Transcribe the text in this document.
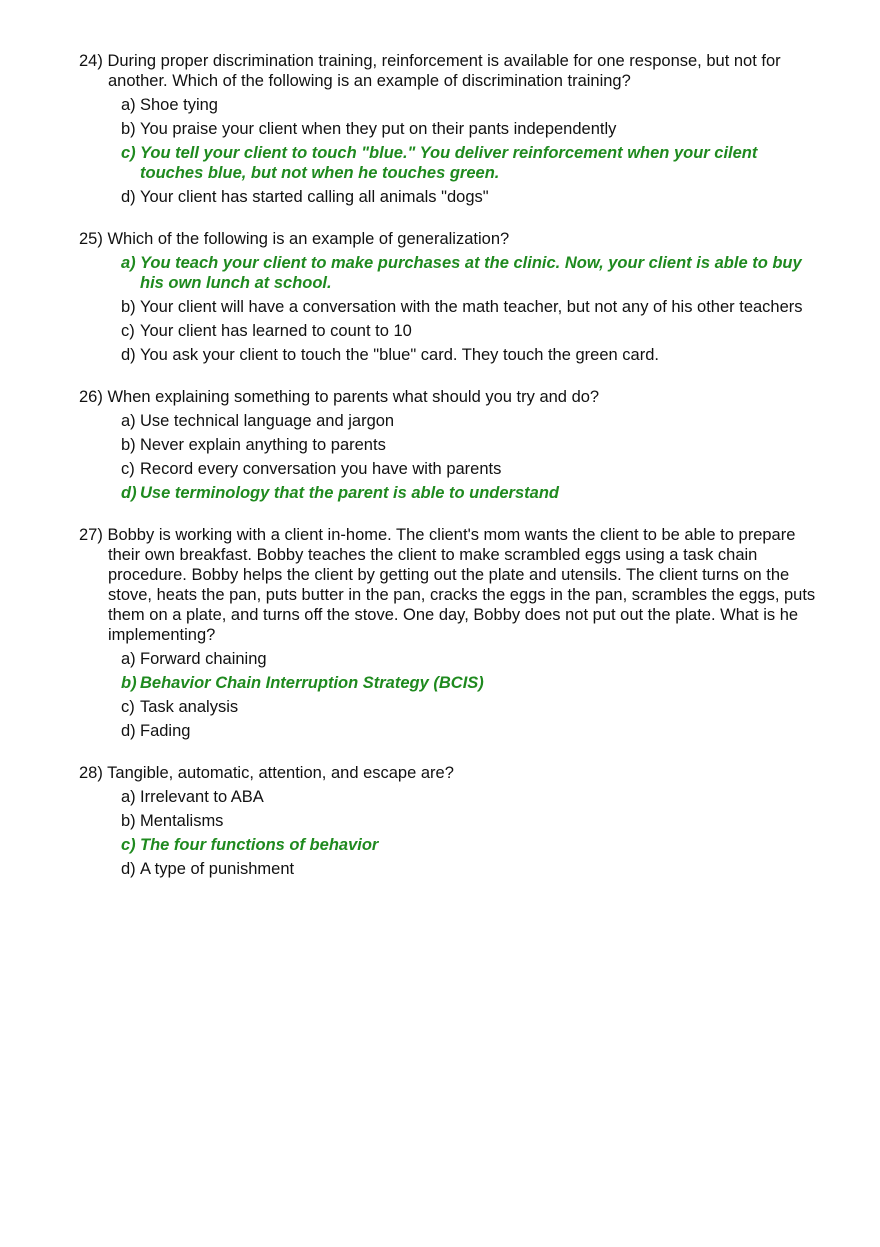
24) During proper discrimination training, reinforcement is available for one response, but not for another. Which of the following is an example of discrimination training?
a) Shoe tying
b) You praise your client when they put on their pants independently
c) You tell your client to touch "blue." You deliver reinforcement when your cilent touches blue, but not when he touches green.
d) Your client has started calling all animals "dogs"
25) Which of the following is an example of generalization?
a) You teach your client to make purchases at the clinic. Now, your client is able to buy his own lunch at school.
b) Your client will have a conversation with the math teacher, but not any of his other teachers
c) Your client has learned to count to 10
d) You ask your client to touch the "blue" card. They touch the green card.
26) When explaining something to parents what should you try and do?
a) Use technical language and jargon
b) Never explain anything to parents
c) Record every conversation you have with parents
d) Use terminology that the parent is able to understand
27) Bobby is working with a client in-home. The client's mom wants the client to be able to prepare their own breakfast. Bobby teaches the client to make scrambled eggs using a task chain procedure. Bobby helps the client by getting out the plate and utensils. The client turns on the stove, heats the pan, puts butter in the pan, cracks the eggs in the pan, scrambles the eggs, puts them on a plate, and turns off the stove. One day, Bobby does not put out the plate. What is he implementing?
a) Forward chaining
b) Behavior Chain Interruption Strategy (BCIS)
c) Task analysis
d) Fading
28) Tangible, automatic, attention, and escape are?
a) Irrelevant to ABA
b) Mentalisms
c) The four functions of behavior
d) A type of punishment
